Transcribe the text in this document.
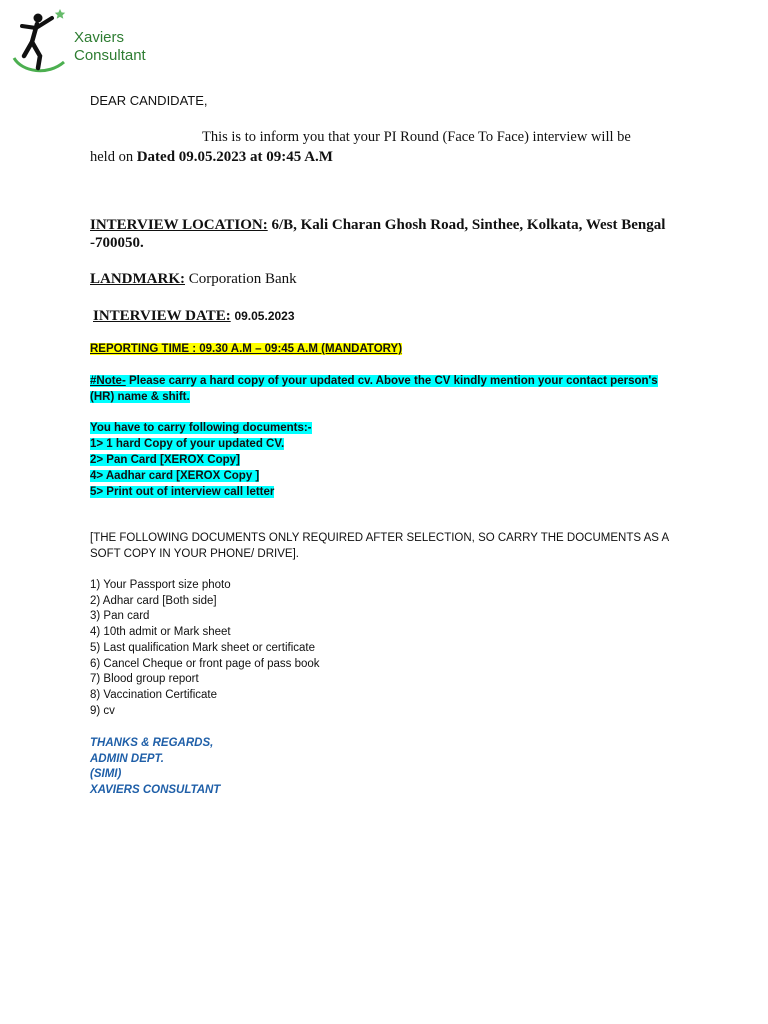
Xaviers
Consultant
DEAR CANDIDATE,
This is to inform you that your PI Round (Face To Face) interview will be
held on Dated 09.05.2023 at 09:45 A.M
INTERVIEW LOCATION: 6/B, Kali Charan Ghosh Road, Sinthee, Kolkata, West Bengal -700050.
LANDMARK: Corporation Bank
INTERVIEW DATE: 09.05.2023
REPORTING TIME : 09.30 A.M – 09:45 A.M (MANDATORY)
#Note- Please carry a hard copy of your updated cv. Above the CV kindly mention your contact person's (HR) name & shift.
You have to carry following documents:-
1> 1 hard Copy of your updated CV.
2> Pan Card [XEROX Copy]
4> Aadhar card [XEROX Copy ]
5> Print out of interview call letter
[THE FOLLOWING DOCUMENTS ONLY REQUIRED AFTER SELECTION, SO CARRY THE DOCUMENTS AS A SOFT COPY IN YOUR PHONE/ DRIVE].
1) Your Passport size photo
2) Adhar card [Both side]
3) Pan card
4) 10th admit or Mark sheet
5) Last qualification Mark sheet or certificate
6) Cancel Cheque or front page of pass book
7) Blood group report
8) Vaccination Certificate
9) cv
THANKS & REGARDS,
ADMIN DEPT.
(SIMI)
XAVIERS CONSULTANT
